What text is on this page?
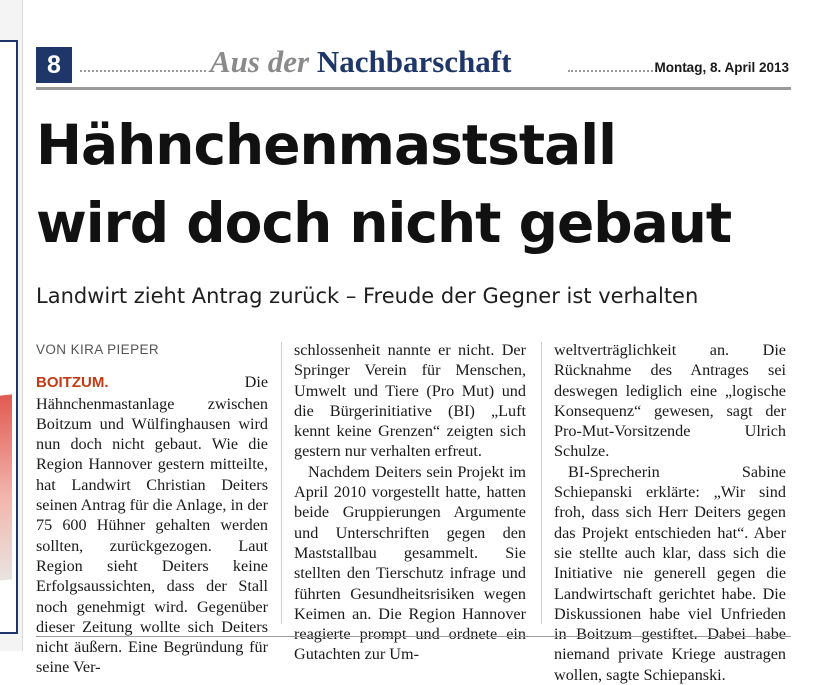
8	Aus der Nachbarschaft	Montag, 8. April 2013
Hähnchenmaststall
wird doch nicht gebaut
Landwirt zieht Antrag zurück – Freude der Gegner ist verhalten
VON KIRA PIEPER

BOITZUM.	Die Hähnchenmastanlage zwischen Boitzum und Wülfinghausen wird nun doch nicht gebaut. Wie die Region Hannover gestern mitteilte, hat Landwirt Christian Deiters seinen Antrag für die Anlage, in der 75 600 Hühner gehalten werden sollten, zurückgezogen. Laut Region sieht Deiters keine Erfolgsaussichten, dass der Stall noch genehmigt wird. Gegenüber dieser Zeitung wollte sich Deiters nicht äußern. Eine Begründung für seine Ver-

schlossenheit nannte er nicht. Der Springer Verein für Menschen, Umwelt und Tiere (Pro Mut) und die Bürgerinitiative (BI) „Luft kennt keine Grenzen“ zeigten sich gestern nur verhalten erfreut.

Nachdem Deiters sein Projekt im April 2010 vorgestellt hatte, hatten beide Gruppierungen Argumente und Unterschriften gegen den Maststallbau gesammelt. Sie stellten den Tierschutz infrage und führten Gesundheitsrisiken wegen Keimen an. Die Region Hannover reagierte prompt und ordnete ein Gutachten zur Um-

weltverträglichkeit an. Die Rücknahme des Antrages sei deswegen lediglich eine „logische Konsequenz“ gewesen, sagt der Pro-Mut-Vorsitzende Ulrich Schulze.

BI-Sprecherin Sabine Schiepanski erklärte: „Wir sind froh, dass sich Herr Deiters gegen das Projekt entschieden hat“. Aber sie stellte auch klar, dass sich die Initiative nie generell gegen die Landwirtschaft gerichtet habe. Die Diskussionen habe viel Unfrieden in Boitzum gestiftet. Dabei habe niemand private Kriege austragen wollen, sagte Schiepanski.
